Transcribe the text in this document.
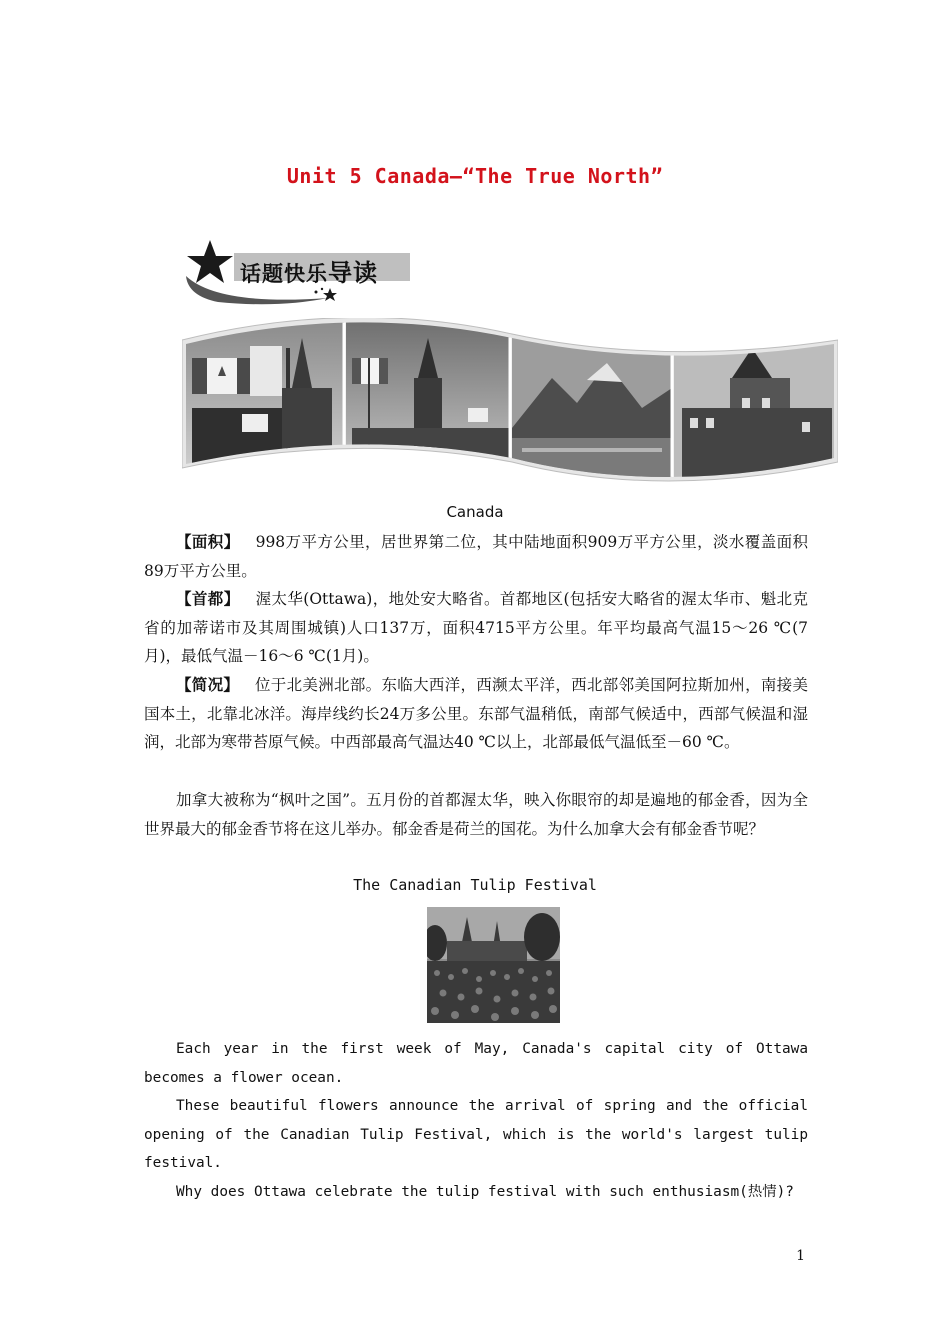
Unit 5 Canada—“The True North”
话题快乐导读
Canada

【面积】 998万平方公里，居世界第二位，其中陆地面积909万平方公里，淡水覆盖面积89万平方公里。

【首都】 渥太华(Ottawa)，地处安大略省。首都地区(包括安大略省的渥太华市、魁北克省的加蒂诺市及其周围城镇)人口137万，面积4715平方公里。年平均最高气温15～26 ℃(7月)，最低气温－16～6 ℃(1月)。

【简况】 位于北美洲北部。东临大西洋，西濒太平洋，西北部邻美国阿拉斯加州，南接美国本土，北靠北冰洋。海岸线约长24万多公里。东部气温稍低，南部气候适中，西部气候温和湿润，北部为寒带苔原气候。中西部最高气温达40 ℃以上，北部最低气温低至－60 ℃。

加拿大被称为“枫叶之国”。五月份的首都渥太华，映入你眼帘的却是遍地的郁金香，因为全世界最大的郁金香节将在这儿举办。郁金香是荷兰的国花。为什么加拿大会有郁金香节呢？

The Canadian Tulip Festival

Each year in the first week of May, Canada's capital city of Ottawa becomes a flower ocean.

These beautiful flowers announce the arrival of spring and the official opening of the Canadian Tulip Festival, which is the world's largest tulip festival.

Why does Ottawa celebrate the tulip festival with such enthusiasm(热情)?

1
